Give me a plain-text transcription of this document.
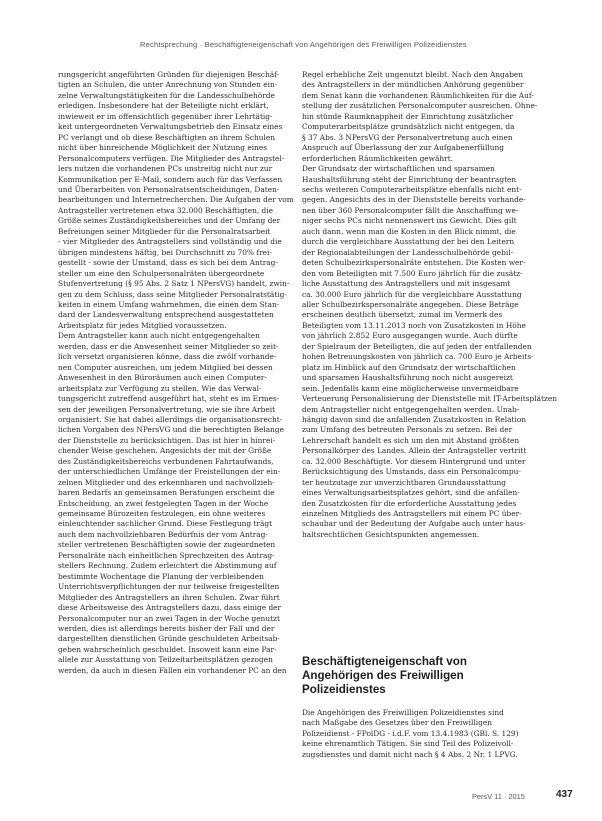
Rechtsprechung · Beschäftigteneigenschaft von Angehörigen des Freiwilligen Polizeidienstes
rungsgericht angeführten Gründen für diejenigen Beschäf-
tigten an Schulen, die unter Anrechnung von Stunden ein-
zelne Verwaltungstätigkeiten für die Landesschulbehörde
erledigen. Insbesondere hat der Beteiligte nicht erklärt,
inwieweit er im offensichtlich gegenüber ihrer Lehrtätig-
keit untergeordneten Verwaltungsbetrieb den Einsatz eines
PC verlangt und ob diese Beschäftigten an ihrem Schulen
nicht über hinreichende Möglichkeit der Nutzung eines
Personalcomputers verfügen. Die Mitglieder des Antragstel-
lers nutzen die vorhandenen PCs unstreitig nicht nur zur
Kommunikation per E-Mail, sondern auch für das Verfassen
und Überarbeiten von Personalratsentscheidungen, Daten-
bearbeitungen und Internetrecherchen. Die Aufgaben der vom
Antragsteller vertretenen etwa 32.000 Beschäftigten, die
Größe seines Zuständigkeitsbereiches und der Umfang der
Befreiungen seiner Mitglieder für die Personalratsarbeit
- vier Mitglieder des Antragstellers sind vollständig und die
übrigen mindestens häftig, bei Durchschnitt zu 70% frei-
gestellt - sowie der Umstand, dass es sich bei dem Antrag-
steller um eine den Schulpersonalräten übergeordnete
Stufenvertretung (§ 95 Abs. 2 Satz 1 NPersVG) handelt, zwin-
gen zu dem Schluss, dass seine Mitglieder Personalratstätig-
keiten in einem Umfang wahrnehmen, die einen dem Stan-
dard der Landesverwaltung entsprechend ausgestatteten
Arbeitsplatz für jedes Mitglied voraussetzen.
Dem Antragsteller kann auch nicht entgegengehalten
werden, dass er die Anwesenheit seiner Mitglieder so zeit-
lich versetzt organisieren könne, dass die zwölf vorhande-
nen Computer ausreichen, um jedem Mitglied bei dessen
Anwesenheit in den Büroräumen auch einen Computer-
arbeitsplatz zur Verfügung zu stellen. Wie das Verwal-
tungsgericht zutreffend ausgeführt hat, steht es im Ermes-
sen der jeweiligen Personalvertretung, wie sie ihre Arbeit
organisiert. Sie hat dabei allerdings die organisationsrecht-
lichen Vorgaben des NPersVG und die berechtigten Belange
der Dienststelle zu berücksichtigen. Das ist hier in hinrei-
chender Weise geschehen. Angesichts der mit der Größe
des Zuständigkeitsbereichs verbundenen Fahrtaufwands,
der unterschiedlichen Umfänge der Freistellungen der ein-
zelnen Mitglieder und des erkennbaren und nachvollzieh-
baren Bedarfs an gemeinsamen Beratungen erscheint die
Entscheidung, an zwei festgelegten Tagen in der Woche
gemeinsame Bürozeiten festzulegen, ein ohne weiteres
einleuchtender sachlicher Grund. Diese Festlegung trägt
auch dem nachvollziehbaren Bedürfnis der vom Antrag-
steller vertretenen Beschäftigten sowie der zugeordneten
Personalräte nach einheitlichen Sprechzeiten des Antrag-
stellers Rechnung. Zudem erleichtert die Abstimmung auf
bestimmte Wochentage die Planung der verbleibenden
Unterrichtsverpflichtungen der nur teilweise freigestellten
Mitglieder des Antragstellers an ihren Schulen. Zwar führt
diese Arbeitsweise des Antragstellers dazu, dass einige der
Personalcomputer nur an zwei Tagen in der Woche genutzt
werden, dies ist allerdings bereits bisher der Fall und der
dargestellten dienstlichen Gründe geschuldeten Arbeitsab-
geben wahrscheinlich geschuldet. Insoweit kann eine Par-
allele zur Ausstattung von Teilzeitarbeitsplätzen gezogen
werden, da auch in diesen Fällen ein vorhandener PC an den
Regel erhebliche Zeit ungenutzt bleibt. Nach den Angaben
des Antragstellers in der mündlichen Anhörung gegenüber
dem Senat kann die vorhandenen Räumlichkeiten für die Auf-
stellung der zusätzlichen Personalcomputer ausreichen. Ohne-
hin stünde Raumknappheit der Einrichtung zusätzlicher
Computerarbeitsplätze grundsätzlich nicht entgegen, da
§ 37 Abs. 3 NPersVG der Personalvertretung auch einen
Anspruch auf Überlassung der zur Aufgabenerfüllung
erforderlichen Räumlichkeiten gewährt.
Der Grundsatz der wirtschaftlichen und sparsamen
Haushaltsführung steht der Einrichtung der beantragten
sechs weiteren Computerarbeitsplätze ebenfalls nicht ent-
gegen. Angesichts des in der Dienststelle bereits vorhande-
nen über 360 Personalcomputer fällt die Anschaffung we-
niger sechs PCs nicht nennenswert ins Gewicht. Dies gilt
auch dann, wenn man die Kosten in den Blick nimmt, die
durch die vergleichbare Ausstattung der bei den Leitern
der Regionalabteilungen der Landesschulbehörde gebil-
deten Schulbezirkspersonalräte entstehen. Die Kosten wer-
den vom Beteiligten mit 7.500 Euro jährlich für die zusätz-
liche Ausstattung des Antragstellers und mit insgesamt
ca. 30.000 Euro jährlich für die vergleichbare Ausstattung
aller Schulbezirkspersonalräte angegeben. Diese Beträge
erscheinen deutlich übersetzt, zumal im Vermerk des
Beteiligten vom 13.11.2013 noch von Zusatzkosten in Höhe
von jährlich 2.852 Euro ausgegangen wurde. Auch dürfte
der Spielraum der Beteiligten, die auf jeden der entfallenden
hohen Betreuungskosten von jährlich ca. 700 Euro je Arbeits-
platz im Hinblick auf den Grundsatz der wirtschaftlichen
und sparsamen Haushaltsführung noch nicht ausgereizt
sein. Jedenfalls kann eine möglicherweise unvermeidbare
Verteuerung Personalisierung der Dienststelle mit IT-Arbeitsplätzen
dem Antragsteller nicht entgegengehalten werden. Unab-
hängig davon sind die anfallenden Zusatzkosten in Relation
zum Umfang des betreuten Personals zu setzen. Bei der
Lehrerschaft handelt es sich um den mit Abstand größten
Personalkörper des Landes. Allein der Antragsteller vertritt
ca. 32.000 Beschäftigte. Vor diesem Hintergrund und unter
Berücksichtigung des Umstands, dass ein Personalcompu-
ter heutzutage zur unverzichtbaren Grundausstattung
eines Verwaltungsarbeitsplatzes gehört, sind die anfallen-
den Zusatzkosten für die erforderliche Ausstattung jedes
einzelnen Mitglieds des Antragstellers mit einem PC über-
schaubar und der Bedeutung der Aufgabe auch unter haus-
haltsrechtlichen Gesichtspunkten angemessen.
Beschäftigteneigenschaft von
Angehörigen des Freiwilligen
Polizeidienstes
Die Angehörigen des Freiwilligen Polizeidienstes sind
nach Maßgabe des Gesetzes über den Freiwilligen
Polizeidienst - FPolDG - i.d.F. vom 13.4.1983 (GBl. S. 129)
keine ehrenamtlich Tätigen. Sie sind Teil des Polizeivoll-
zugsdienstes und damit nicht nach § 4 Abs. 2 Nr. 1 LPVG.
PersV 11 · 2015	437
